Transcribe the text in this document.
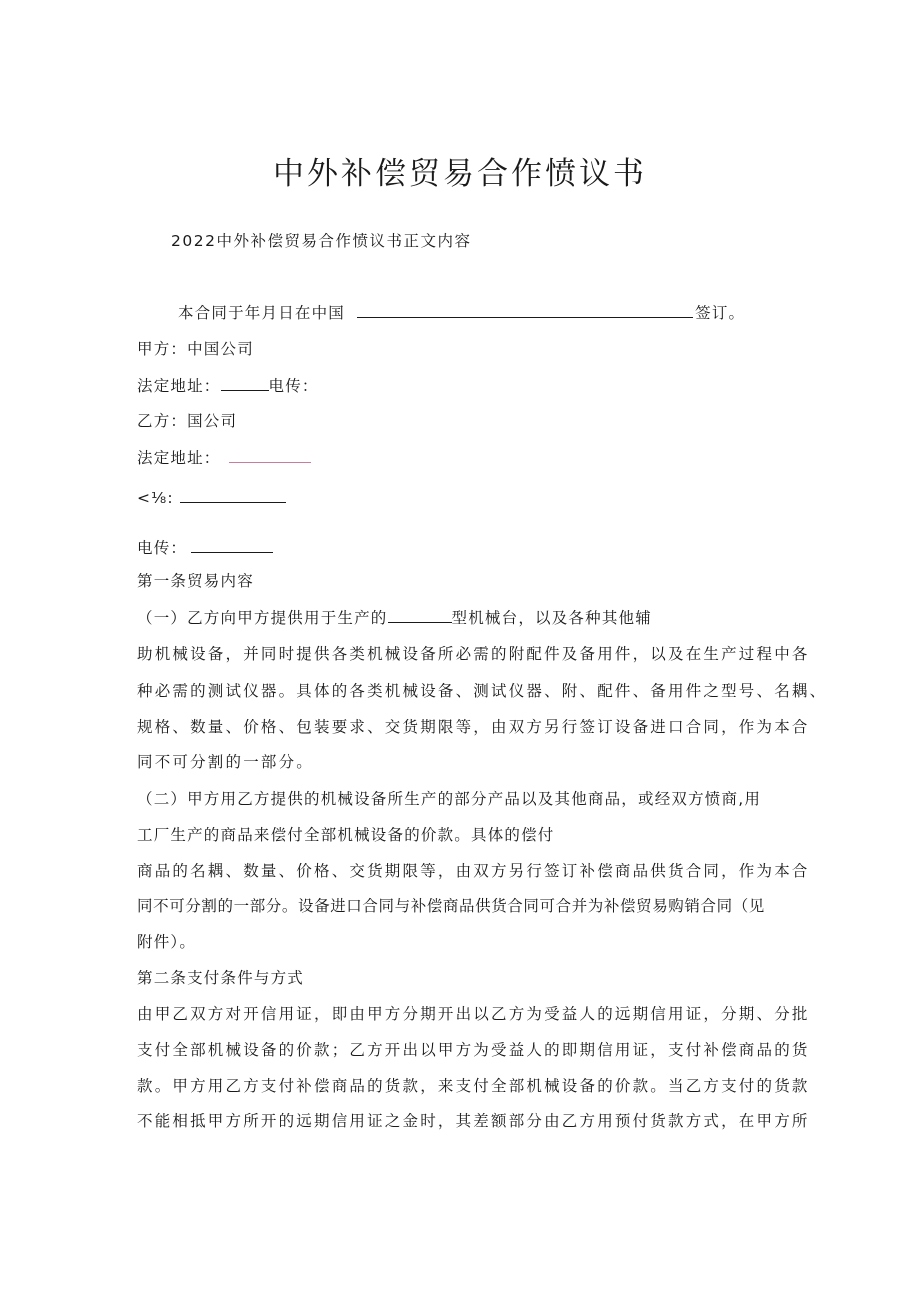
中外补偿贸易合作愤议书
2022中外补偿贸易合作愤议书正文内容
本合同于年月日在中国	签订。
甲方：中国公司
法定地址：	电传：
乙方：国公司
法定地址：
<⅛:
电传：
第一条贸易内容
（一）乙方向甲方提供用于生产的	型机械台，以及各种其他辅
助机械设备，并同时提供各类机械设备所必需的附配件及备用件，以及在生产过程中各
种必需的测试仪器。具体的各类机械设备、测试仪器、附、配件、备用件之型号、名耦、
规格、数量、价格、包装要求、交货期限等，由双方另行签订设备进口合同，作为本合
同不可分割的一部分。
（二）甲方用乙方提供的机械设备所生产的部分产品以及其他商品，或经双方愤商,用
工厂生产的商品来偿付全部机械设备的价款。具体的偿付
商品的名耦、数量、价格、交货期限等，由双方另行签订补偿商品供货合同，作为本合
同不可分割的一部分。设备进口合同与补偿商品供货合同可合并为补偿贸易购销合同（见
附件）。
第二条支付条件与方式
由甲乙双方对开信用证，即由甲方分期开出以乙方为受益人的远期信用证，分期、分批
支付全部机械设备的价款；乙方开出以甲方为受益人的即期信用证，支付补偿商品的货
款。甲方用乙方支付补偿商品的货款，来支付全部机械设备的价款。当乙方支付的货款
不能相抵甲方所开的远期信用证之金时，其差额部分由乙方用预付货款方式，在甲方所
